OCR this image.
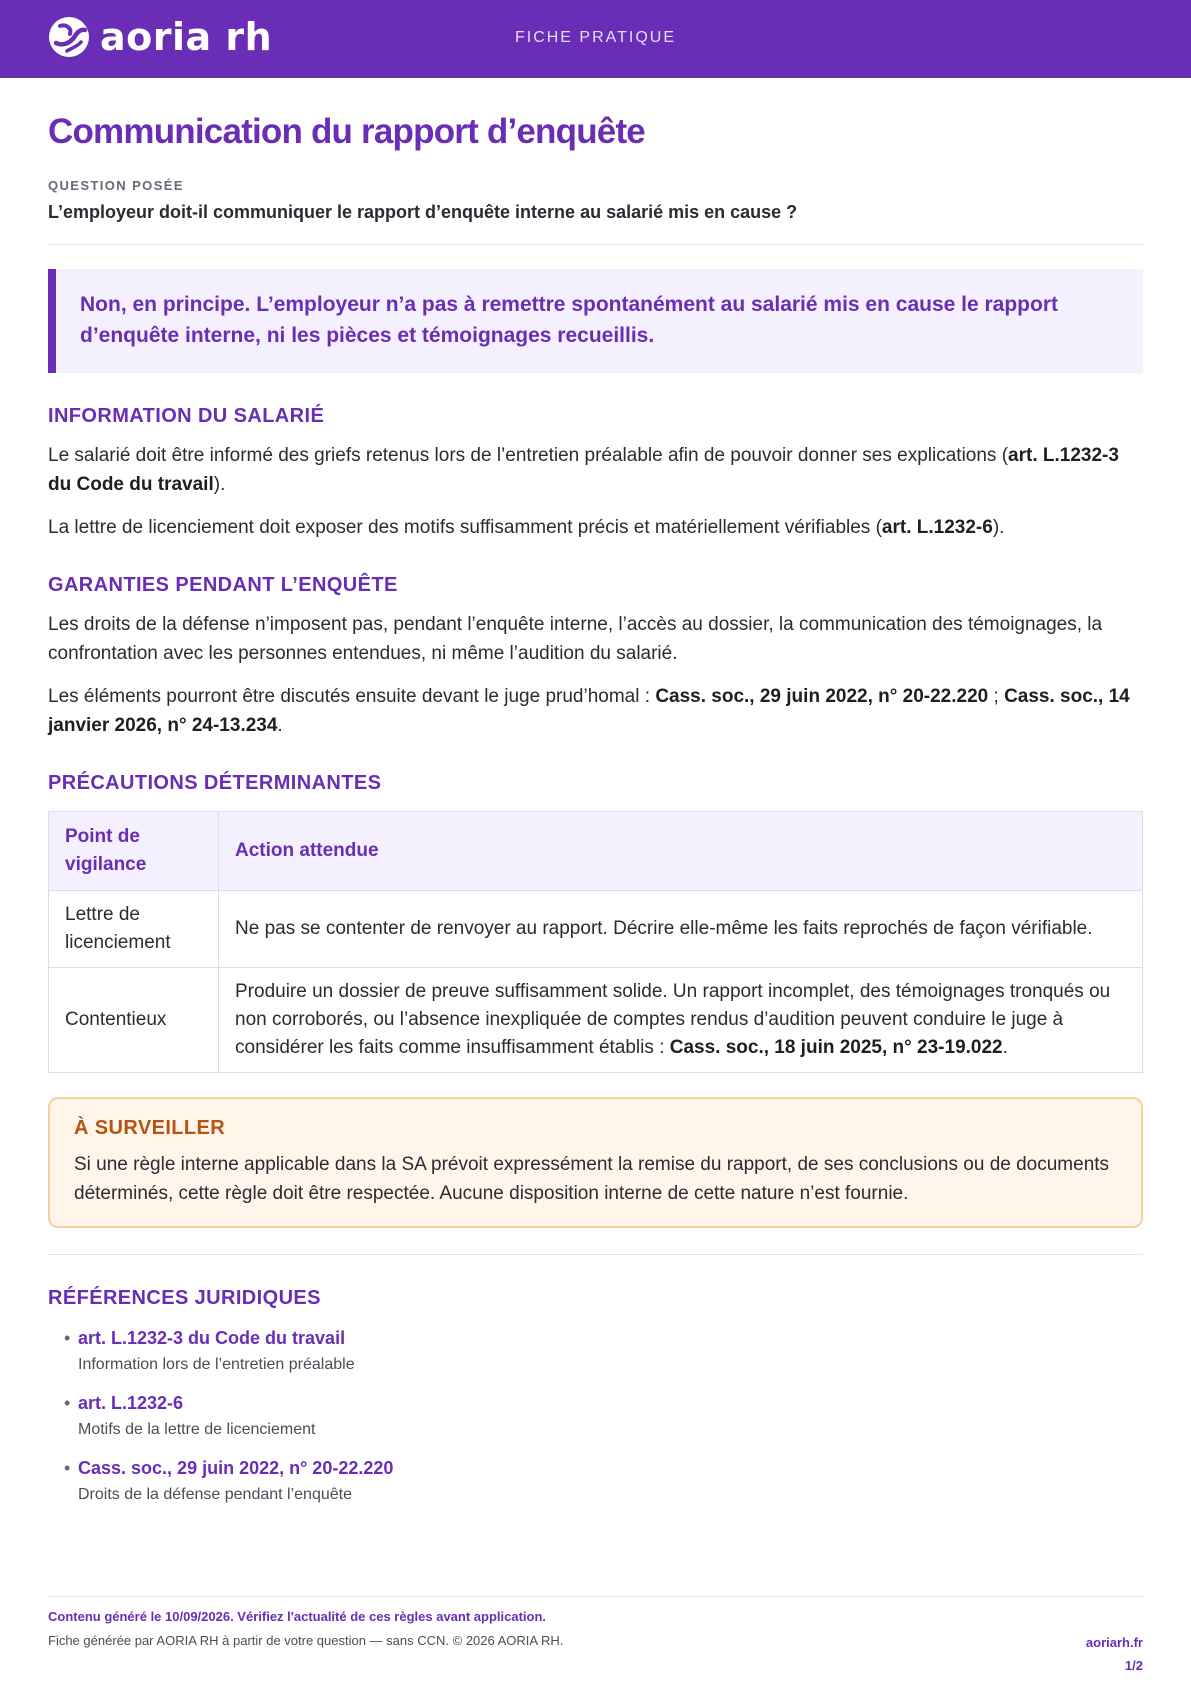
aoria rh	FICHE PRATIQUE
Communication du rapport d’enquête
QUESTION POSÉE
L’employeur doit-il communiquer le rapport d’enquête interne au salarié mis en cause ?

Non, en principe. L’employeur n’a pas à remettre spontanément au salarié mis en cause le rapport d’enquête interne, ni les pièces et témoignages recueillis.

INFORMATION DU SALARIÉ

Le salarié doit être informé des griefs retenus lors de l’entretien préalable afin de pouvoir donner ses explications (art. L.1232-3 du Code du travail).

La lettre de licenciement doit exposer des motifs suffisamment précis et matériellement vérifiables (art. L.1232-6).

GARANTIES PENDANT L’ENQUÊTE

Les droits de la défense n’imposent pas, pendant l’enquête interne, l’accès au dossier, la communication des témoignages, la confrontation avec les personnes entendues, ni même l’audition du salarié.

Les éléments pourront être discutés ensuite devant le juge prud’homal : Cass. soc., 29 juin 2022, n° 20-22.220 ; Cass. soc., 14 janvier 2026, n° 24-13.234.

PRÉCAUTIONS DÉTERMINANTES
Point de vigilance	Action attendue
Lettre de licenciement	Ne pas se contenter de renvoyer au rapport. Décrire elle-même les faits reprochés de façon vérifiable.
Contentieux	Produire un dossier de preuve suffisamment solide. Un rapport incomplet, des témoignages tronqués ou non corroborés, ou l’absence inexpliquée de comptes rendus d’audition peuvent conduire le juge à considérer les faits comme insuffisamment établis : Cass. soc., 18 juin 2025, n° 23-19.022.
À SURVEILLER
Si une règle interne applicable dans la SA prévoit expressément la remise du rapport, de ses conclusions ou de documents déterminés, cette règle doit être respectée. Aucune disposition interne de cette nature n’est fournie.
RÉFÉRENCES JURIDIQUES
• art. L.1232-3 du Code du travail
Information lors de l’entretien préalable
• art. L.1232-6
Motifs de la lettre de licenciement
• Cass. soc., 29 juin 2022, n° 20-22.220
Droits de la défense pendant l’enquête
Contenu généré le 10/09/2026. Vérifiez l'actualité de ces règles avant application.
Fiche générée par AORIA RH à partir de votre question — sans CCN. © 2026 AORIA RH.	aoriarh.fr
1/2
